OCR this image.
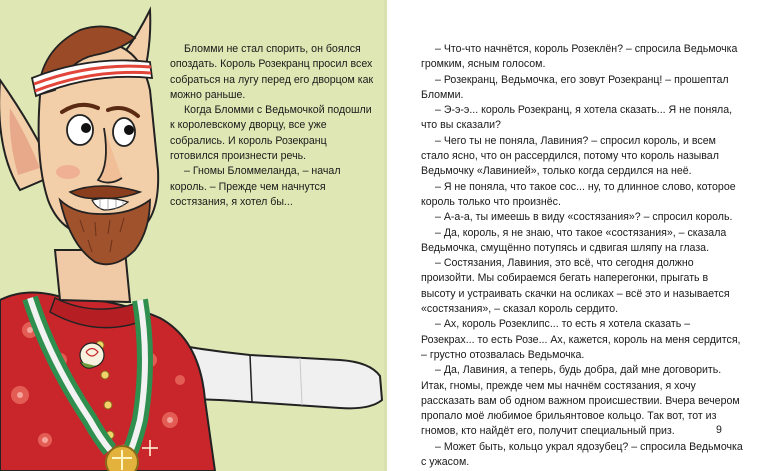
Бломми не стал спорить, он боялся опоздать. Король Розекранц просил всех собраться на лугу перед его дворцом как можно раньше.

Когда Бломми с Ведьмочкой подошли к королевскому дворцу, все уже собрались. И король Розекранц готовился произнести речь.

– Гномы Бломмеланда, – начал король. – Прежде чем начнутся состязания, я хотел бы...

– Что-что начнётся, король Розеклён? – спросила Ведьмочка громким, ясным голосом.

– Розекранц, Ведьмочка, его зовут Розекранц! – прошептал Бломми.

– Э-э-э... король Розекранц, я хотела сказать... Я не поняла, что вы сказали?

– Чего ты не поняла, Лавиния? – спросил король, и всем стало ясно, что он рассердился, потому что король называл Ведьмочку «Лавинией», только когда сердился на неё.

– Я не поняла, что такое сос... ну, то длинное слово, которое король только что произнёс.

– А-а-а, ты имеешь в виду «состязания»? – спросил король.

– Да, король, я не знаю, что такое «состязания», – сказала Ведьмочка, смущённо потупясь и сдвигая шляпу на глаза.

– Состязания, Лавиния, это всё, что сегодня должно произойти. Мы собираемся бегать наперегонки, прыгать в высоту и устраивать скачки на осликах – всё это и называется «состязания», – сказал король сердито.

– Ах, король Розеклипс... то есть я хотела сказать – Розекрах... то есть Розе... Ах, кажется, король на меня сердится, – грустно отозвалась Ведьмочка.

– Да, Лавиния, а теперь, будь добра, дай мне договорить. Итак, гномы, прежде чем мы начнём состязания, я хочу рассказать вам об одном важном происшествии. Вчера вечером пропало моё любимое брильянтовое кольцо. Так вот, тот из гномов, кто найдёт его, получит специальный приз.

– Может быть, кольцо украл ядозубец? – спросила Ведьмочка с ужасом.

9
